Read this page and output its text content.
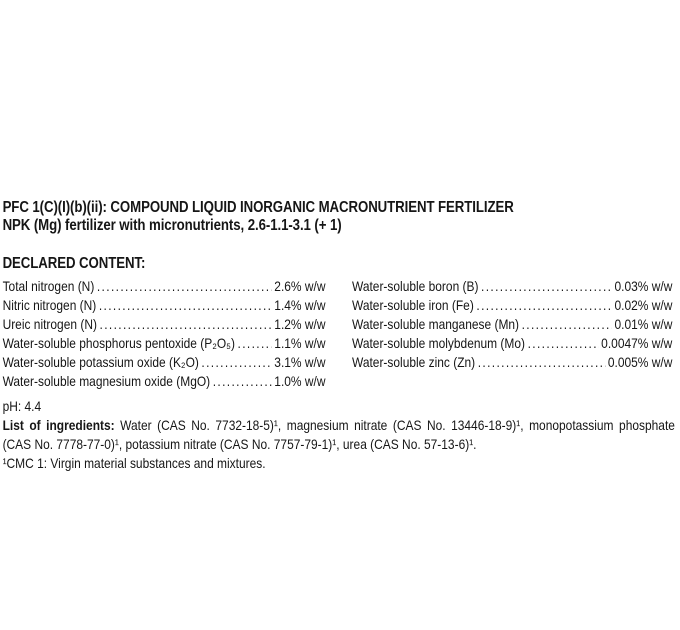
PFC 1(C)(I)(b)(ii): COMPOUND LIQUID INORGANIC MACRONUTRIENT FERTILIZER
NPK (Mg) fertilizer with micronutrients, 2.6-1.1-3.1 (+ 1)
DECLARED CONTENT:
Total nitrogen (N) .....	2.6% w/w
Nitric nitrogen (N) .....	1.4% w/w
Ureic nitrogen (N) .....	1.2% w/w
Water-soluble phosphorus pentoxide (P₂O₅) .....	1.1% w/w
Water-soluble potassium oxide (K₂O) .....	3.1% w/w
Water-soluble magnesium oxide (MgO) .....	1.0% w/w
Water-soluble boron (B) .....	0.03% w/w
Water-soluble iron (Fe) .....	0.02% w/w
Water-soluble manganese (Mn) .....	0.01% w/w
Water-soluble molybdenum (Mo) .....	0.0047% w/w
Water-soluble zinc (Zn) .....	0.005% w/w
pH: 4.4

List of ingredients: Water (CAS No. 7732-18-5)¹, magnesium nitrate (CAS No. 13446-18-9)¹, monopotassium phosphate (CAS No. 7778-77-0)¹, potassium nitrate (CAS No. 7757-79-1)¹, urea (CAS No. 57-13-6)¹.

¹CMC 1: Virgin material substances and mixtures.
